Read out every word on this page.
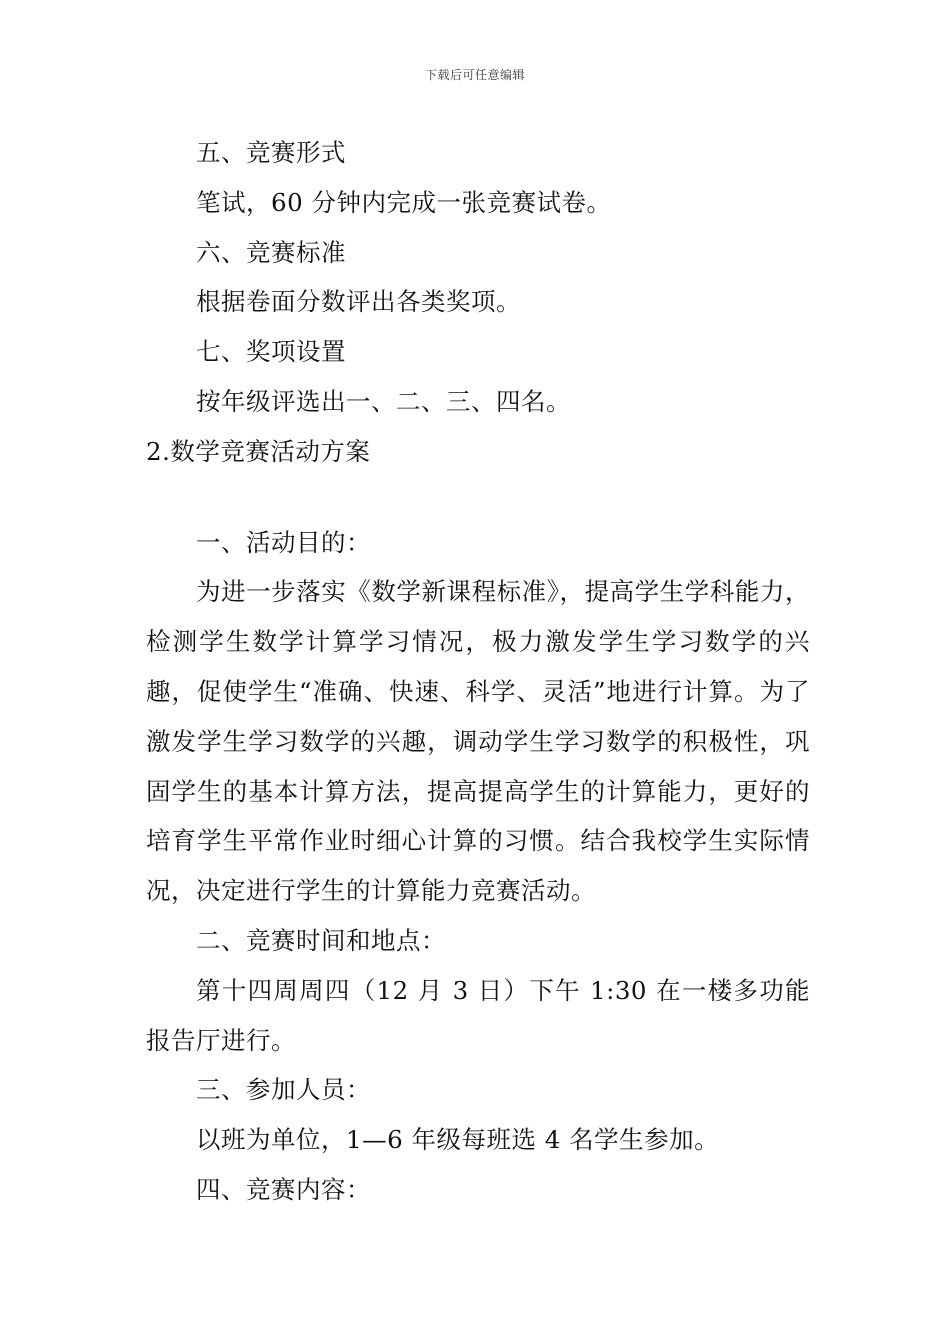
下载后可任意编辑

五、竞赛形式

笔试，60 分钟内完成一张竞赛试卷。

六、竞赛标准

根据卷面分数评出各类奖项。

七、奖项设置

按年级评选出一、二、三、四名。

2.数学竞赛活动方案

一、活动目的：

为进一步落实《数学新课程标准》，提高学生学科能力，检测学生数学计算学习情况，极力激发学生学习数学的兴趣，促使学生“准确、快速、科学、灵活”地进行计算。为了激发学生学习数学的兴趣，调动学生学习数学的积极性，巩固学生的基本计算方法，提高提高学生的计算能力，更好的培育学生平常作业时细心计算的习惯。结合我校学生实际情况，决定进行学生的计算能力竞赛活动。

二、竞赛时间和地点：

第十四周周四（12 月 3 日）下午 1:30 在一楼多功能报告厅进行。

三、参加人员：

以班为单位，1—6 年级每班选 4 名学生参加。

四、竞赛内容：
